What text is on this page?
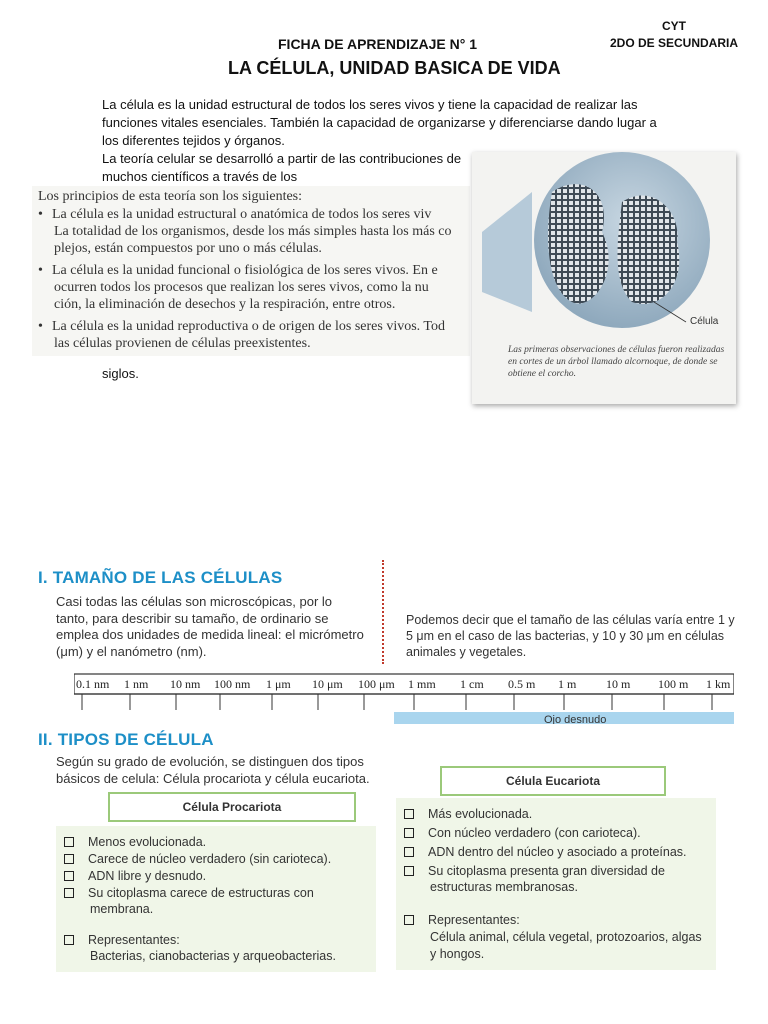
CYT
2DO DE SECUNDARIA
FICHA DE APRENDIZAJE N° 1
LA CÉLULA, UNIDAD BASICA DE VIDA
La célula es la unidad estructural de todos los seres vivos y tiene la capacidad de realizar las funciones vitales esenciales. También la capacidad de organizarse y diferenciarse dando lugar a los diferentes tejidos y órganos.
La teoría celular se desarrolló a partir de las contribuciones de muchos científicos a través de los
Los principios de esta teoría son los siguientes:
• La célula es la unidad estructural o anatómica de todos los seres viv
La totalidad de los organismos, desde los más simples hasta los más co
plejos, están compuestos por uno o más células.
• La célula es la unidad funcional o fisiológica de los seres vivos. En e
ocurren todos los procesos que realizan los seres vivos, como la nu
ción, la eliminación de desechos y la respiración, entre otros.
• La célula es la unidad reproductiva o de origen de los seres vivos. Tod
las células provienen de células preexistentes.
siglos.
Célula
Las primeras observaciones de células fueron realizadas en cortes de un árbol llamado alcornoque, de donde se obtiene el corcho.
I. TAMAÑO DE LAS CÉLULAS
Casi todas las células son microscópicas, por lo tanto, para describir su tamaño, de ordinario se emplea dos unidades de medida lineal: el micrómetro (μm) y el nanómetro (nm).
Podemos decir que el tamaño de las células varía entre 1 y 5 μm en el caso de las bacterias, y 10 y 30 μm en células animales y vegetales.
Ojo desnudo
0.1 nm 1 nm 10 nm 100 nm 1 μm 10 μm 100 μm 1 mm 1 cm 0.5 m 1 m 10 m 100 m 1 km
II. TIPOS DE CÉLULA
Según su grado de evolución, se distinguen dos tipos básicos de celula: Célula procariota y célula eucariota.
Célula Procariota
Célula Eucariota
Menos evolucionada.
Carece de núcleo verdadero (sin carioteca).
ADN libre y desnudo.
Su citoplasma carece de estructuras con
membrana.
Representantes:
Bacterias, cianobacterias y arqueobacterias.
Más evolucionada.
Con núcleo verdadero (con carioteca).
ADN dentro del núcleo y asociado a proteínas.
Su citoplasma presenta gran diversidad de
estructuras membranosas.
Representantes:
Célula animal, célula vegetal, protozoarios, algas
y hongos.
